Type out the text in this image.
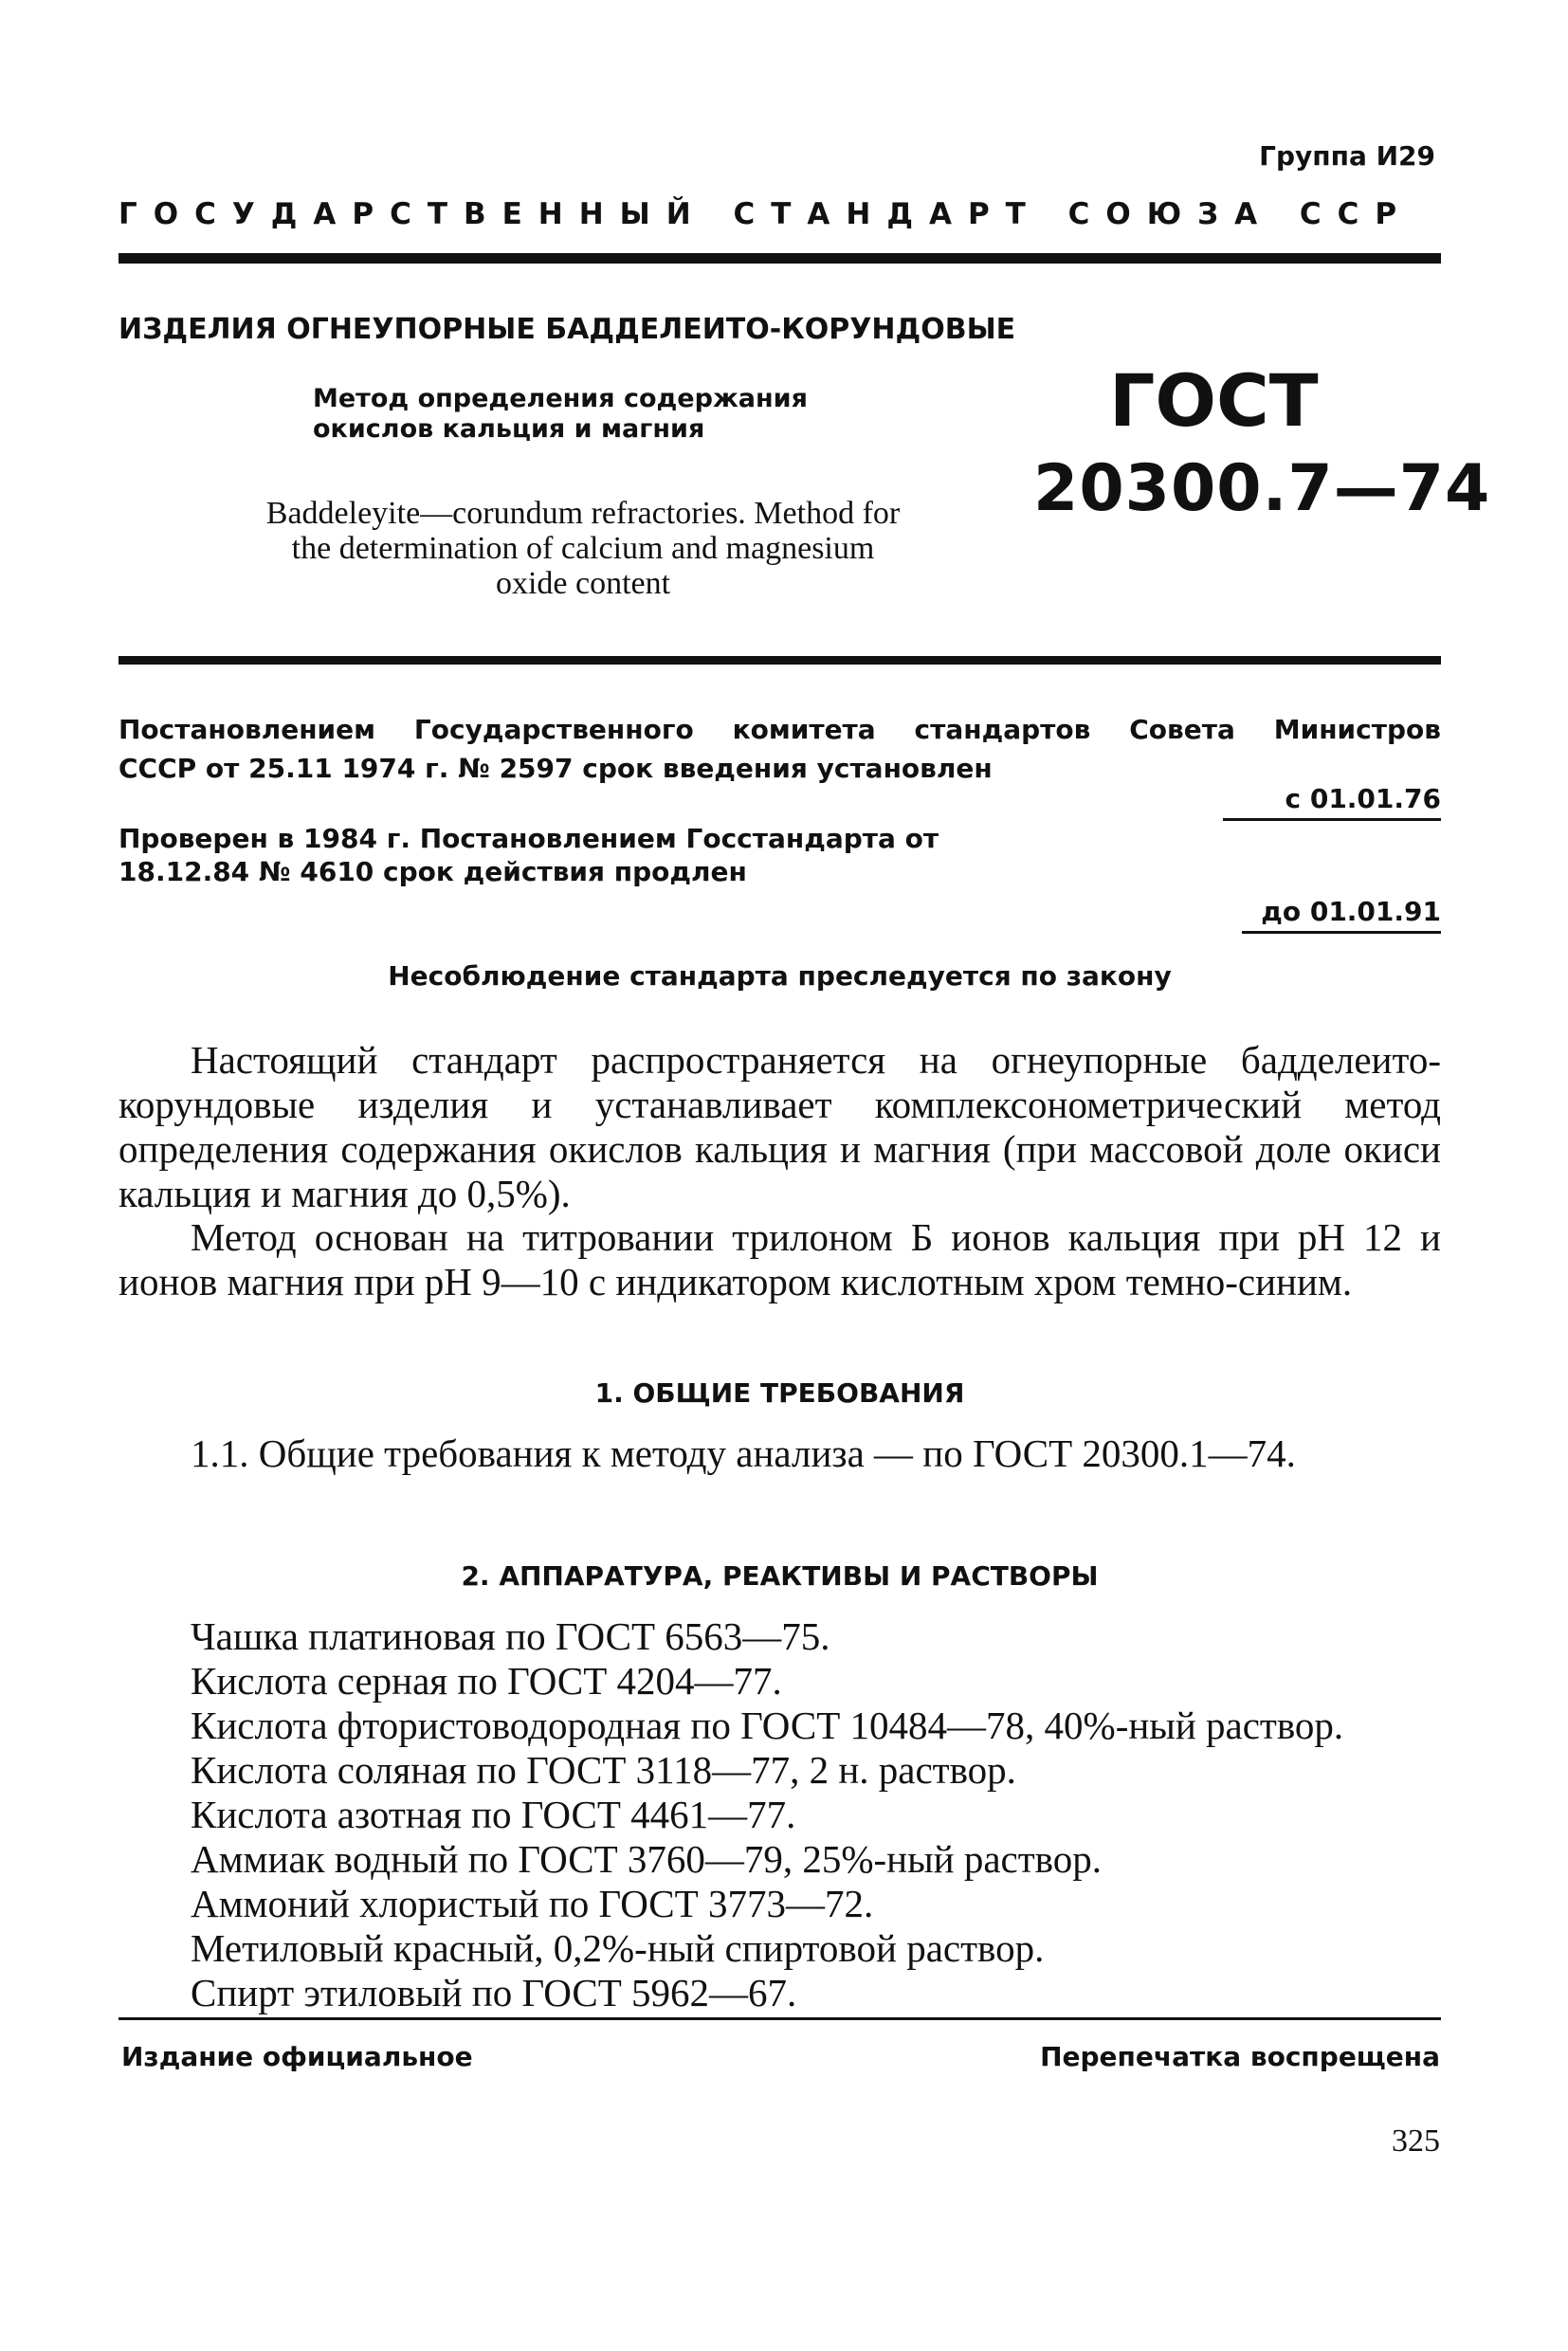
Группа И29
ГОСУДАРСТВЕННЫЙ СТАНДАРТ СОЮЗА ССР
ИЗДЕЛИЯ ОГНЕУПОРНЫЕ БАДДЕЛЕИТО-КОРУНДОВЫЕ
Метод определения содержания окислов кальция и магния
Baddeleyite—corundum refractories. Method for the determination of calcium and magnesium oxide content
ГОСТ
20300.7—74
Постановлением Государственного комитета стандартов Совета Министров
СССР от 25.11 1974 г. № 2597 срок введения установлен
с 01.01.76
Проверен в 1984 г. Постановлением Госстандарта от 18.12.84 № 4610 срок действия продлен
до 01.01.91
Несоблюдение стандарта преследуется по закону
Настоящий стандарт распространяется на огнеупорные бадделеито-корундовые изделия и устанавливает комплексонометрический метод определения содержания окислов кальция и магния (при массовой доле окиси кальция и магния до 0,5%).
Метод основан на титровании трилоном Б ионов кальция при рН 12 и ионов магния при рН 9—10 с индикатором кислотным хром темно-синим.
1. ОБЩИЕ ТРЕБОВАНИЯ
1.1. Общие требования к методу анализа — по ГОСТ 20300.1—74.
2. АППАРАТУРА, РЕАКТИВЫ И РАСТВОРЫ
Чашка платиновая по ГОСТ 6563—75.
Кислота серная по ГОСТ 4204—77.
Кислота фтористоводородная по ГОСТ 10484—78, 40%-ный раствор.
Кислота соляная по ГОСТ 3118—77, 2 н. раствор.
Кислота азотная по ГОСТ 4461—77.
Аммиак водный по ГОСТ 3760—79, 25%-ный раствор.
Аммоний хлористый по ГОСТ 3773—72.
Метиловый красный, 0,2%-ный спиртовой раствор.
Спирт этиловый по ГОСТ 5962—67.
Издание официальное	Перепечатка воспрещена
325
